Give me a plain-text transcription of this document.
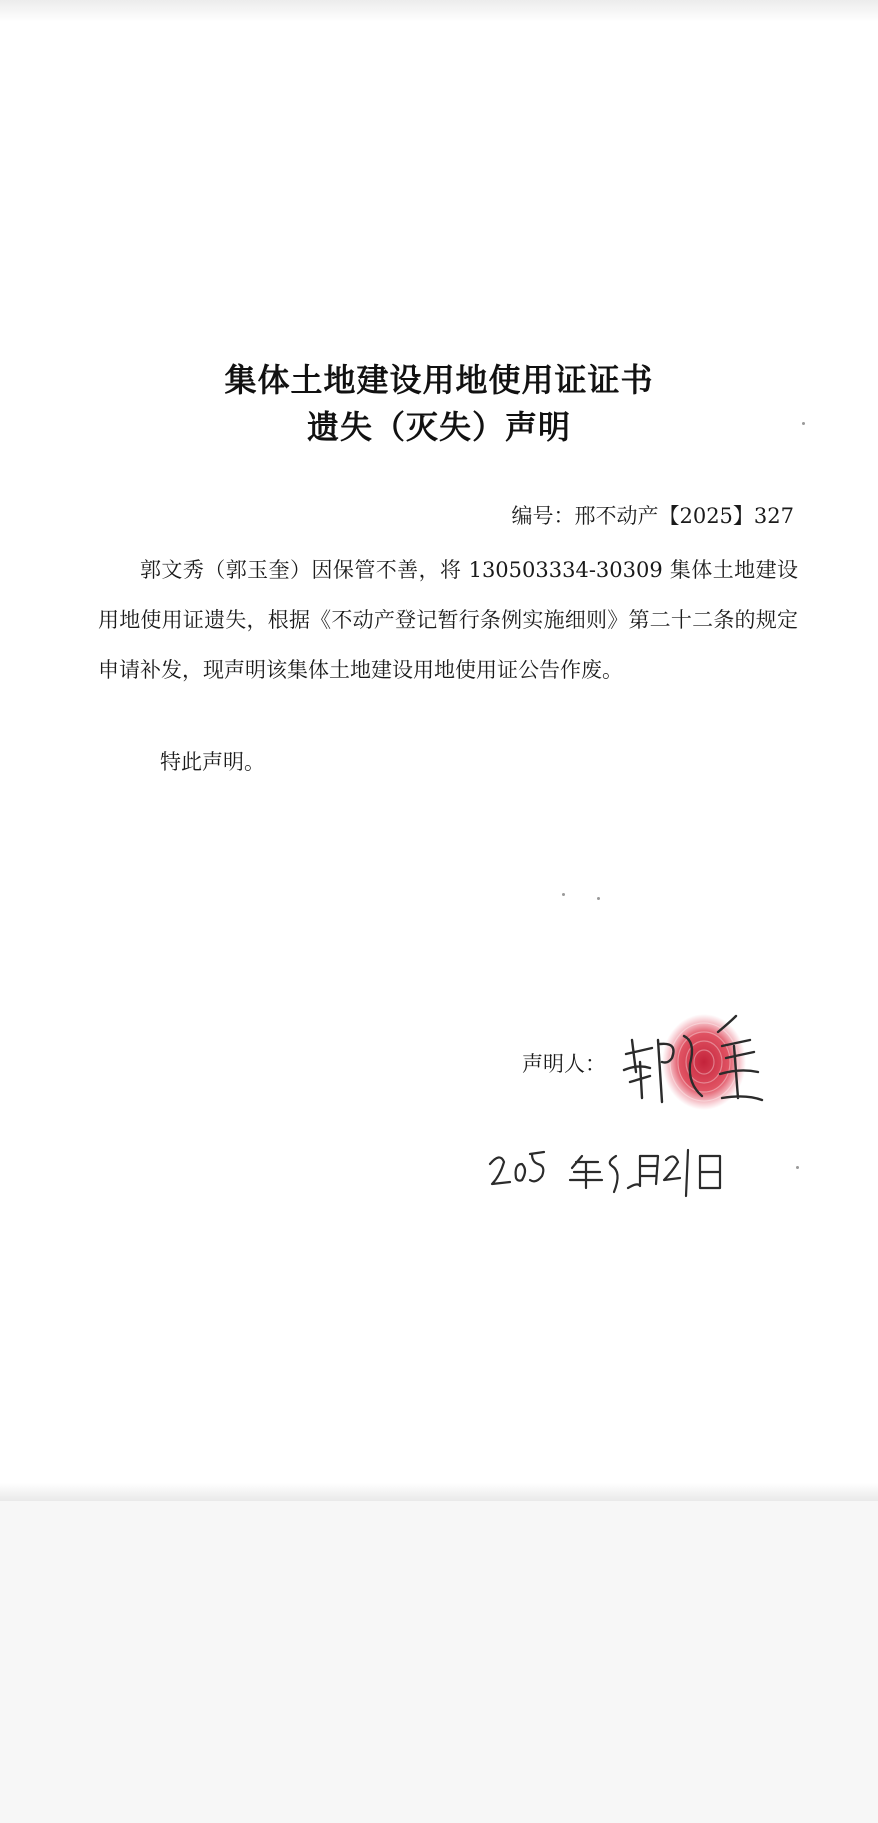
集体土地建设用地使用证证书
遗失（灭失）声明
编号：邢不动产【2025】327

郭文秀（郭玉奎）因保管不善，将 130503334-30309 集体土地建设用地使用证遗失，根据《不动产登记暂行条例实施细则》第二十二条的规定申请补发，现声明该集体土地建设用地使用证公告作废。

特此声明。
声明人：
